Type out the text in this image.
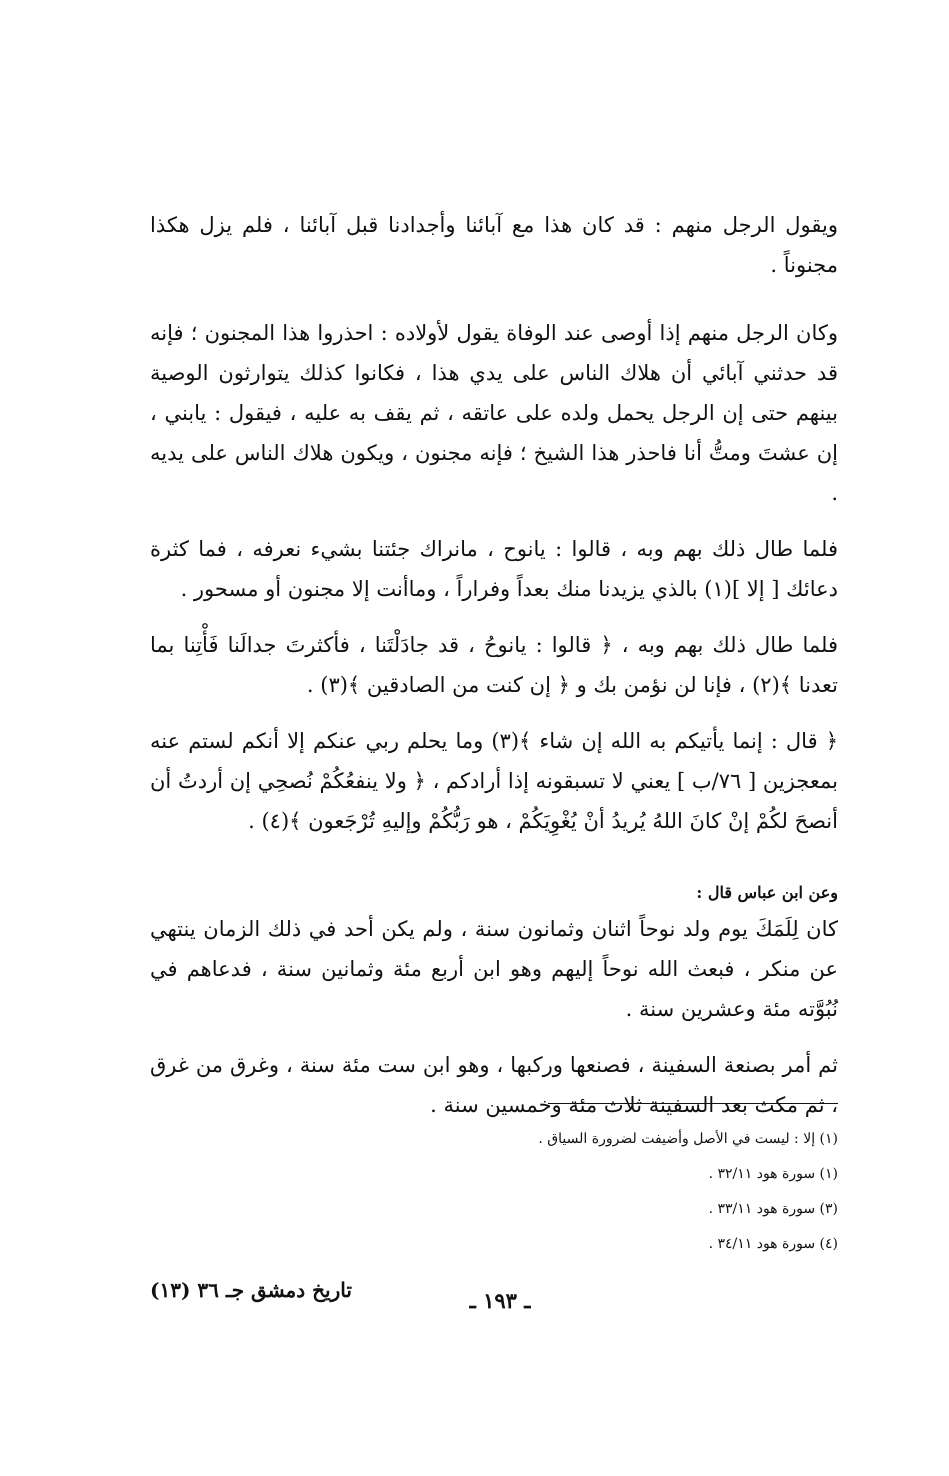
ويقول الرجل منهم : قد كان هذا مع آبائنا وأجدادنا قبل آبائنا ، فلم يزل هكذا مجنوناً .

وكان الرجل منهم إذا أوصى عند الوفاة يقول لأولاده : احذروا هذا المجنون ؛ فإنه قد حدثني آبائي أن هلاك الناس على يدي هذا ، فكانوا كذلك يتوارثون الوصية بينهم حتى إن الرجل يحمل ولده على عاتقه ، ثم يقف به عليه ، فيقول : يابني ، إن عشتَ ومتُّ أنا فاحذر هذا الشيخ ؛ فإنه مجنون ، ويكون هلاك الناس على يديه .

فلما طال ذلك بهم وبه ، قالوا : يانوح ، مانراك جئتنا بشيء نعرفه ، فما كثرة دعائك [ إلا ](١) بالذي يزيدنا منك بعداً وفراراً ، وماأنت إلا مجنون أو مسحور .

فلما طال ذلك بهم وبه ، ﴿ قالوا : يانوحُ ، قد جادَلْتَنا ، فأكثرتَ جدالَنا فَأْتِنا بما تعدنا ﴾(٢) ، فإنا لن نؤمن بك و ﴿ إن كنت من الصادقين ﴾(٣) .

﴿ قال : إنما يأتيكم به الله إن شاء ﴾(٣) وما يحلم ربي عنكم إلا أنكم لستم عنه بمعجزين [ ٧٦/ب ] يعني لا تسبقونه إذا أرادكم ، ﴿ ولا ينفعُكُمْ نُصحِي إن أردتُ أن أنصحَ لكُمْ إنْ كانَ اللهُ يُريدُ أنْ يُغْوِيَكُمْ ، هو رَبُّكُمْ وإليهِ تُرْجَعون ﴾(٤) .

وعن ابن عباس قال :

كان لِلَمَكَ يوم ولد نوحاً اثنان وثمانون سنة ، ولم يكن أحد في ذلك الزمان ينتهي عن منكر ، فبعث الله نوحاً إليهم وهو ابن أربع مئة وثمانين سنة ، فدعاهم في نُبُوَّته مئة وعشرين سنة .

ثم أمر بصنعة السفينة ، فصنعها وركبها ، وهو ابن ست مئة سنة ، وغرق من غرق ، ثم مكث بعد السفينة ثلاث مئة وخمسين سنة .

(١) إلا : ليست في الأصل وأضيفت لضرورة السياق .

(١) سورة هود ٣٢/١١ .

(٣) سورة هود ٣٣/١١ .

(٤) سورة هود ٣٤/١١ .

ـ ١٩٣ ـ
تاريخ دمشق جـ ٣٦ (١٣)
